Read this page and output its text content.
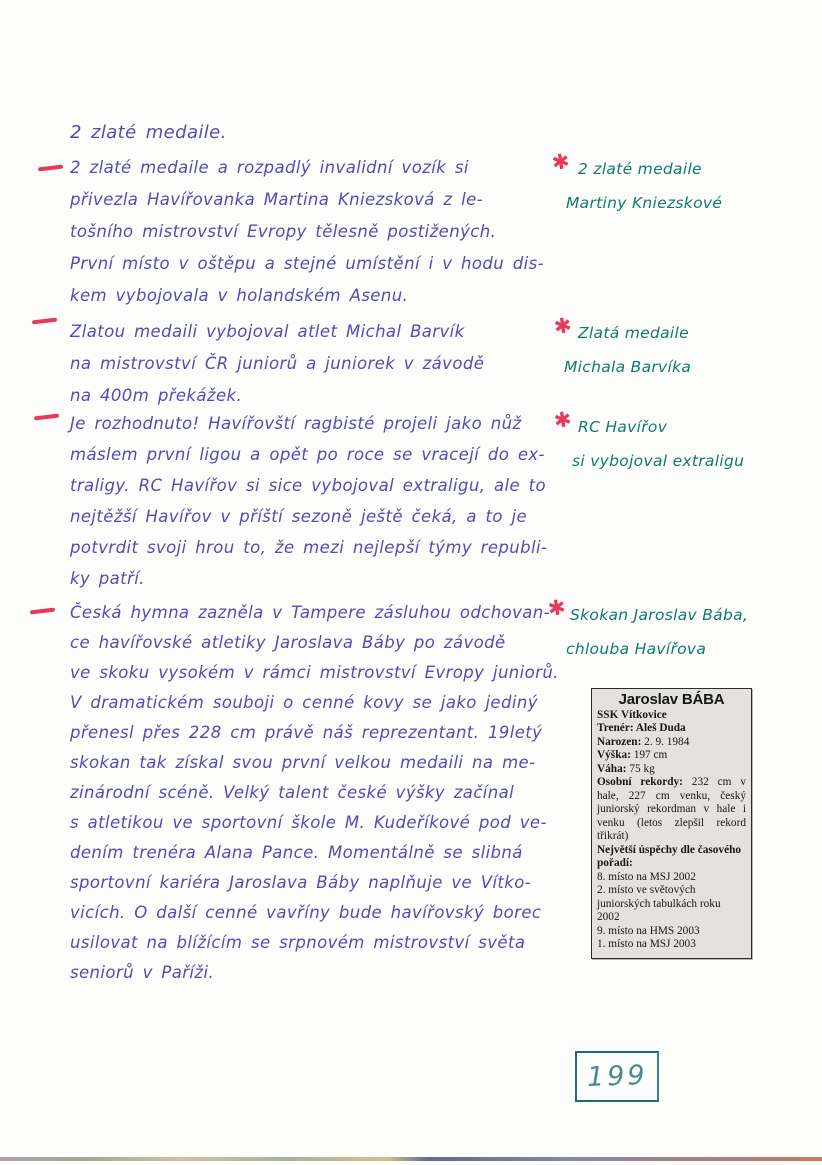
2 zlaté medaile.
2 zlaté medaile a rozpadlý invalidní vozík si
přivezla Havířovanka Martina Kniezsková z le-
tošního mistrovství Evropy tělesně postižených.
První místo v oštěpu a stejné umístění i v hodu dis-
kem vybojovala v holandském Asenu.
✱ 2 zlaté medaile
Martiny Kniezskové
Zlatou medaili vybojoval atlet Michal Barvík
na mistrovství ČR juniorů a juniorek v závodě
na 400m překážek.
✱ Zlatá medaile
Michala Barvíka
Je rozhodnuto! Havířovští ragbisté projeli jako nůž
máslem první ligou a opět po roce se vracejí do ex-
traligy. RC Havířov si sice vybojoval extraligu, ale to
nejtěžší Havířov v příští sezoně ještě čeká, a to je
potvrdit svoji hrou to, že mezi nejlepší týmy republi-
ky patří.
✱ RC Havířov
si vybojoval extraligu
Česká hymna zazněla v Tampere zásluhou odchovan-
ce havířovské atletiky Jaroslava Báby po závodě
ve skoku vysokém v rámci mistrovství Evropy juniorů.
V dramatickém souboji o cenné kovy se jako jediný
přenesl přes 228 cm právě náš reprezentant. 19letý
skokan tak získal svou první velkou medaili na me-
zinárodní scéně. Velký talent české výšky začínal
s atletikou ve sportovní škole M. Kudeříkové pod ve-
dením trenéra Alana Pance. Momentálně se slibná
sportovní kariéra Jaroslava Báby naplňuje ve Vítko-
vicích. O další cenné vavříny bude havířovský borec
usilovat na blížícím se srpnovém mistrovství světa
seniorů v Paříži.
✱ Skokan Jaroslav Bába,
chlouba Havířova
Jaroslav BÁBA
SSK Vítkovice
Trenér: Aleš Duda
Narozen: 2. 9. 1984
Výška: 197 cm
Váha: 75 kg
Osobní rekordy: 232 cm v hale, 227 cm venku, český juniorský rekordman v hale i venku (letos zlepšil rekord třikrát)
Největší úspěchy dle časového pořadí:
8. místo na MSJ 2002
2. místo ve světových juniorských tabulkách roku 2002
9. místo na HMS 2003
1. místo na MSJ 2003
199
